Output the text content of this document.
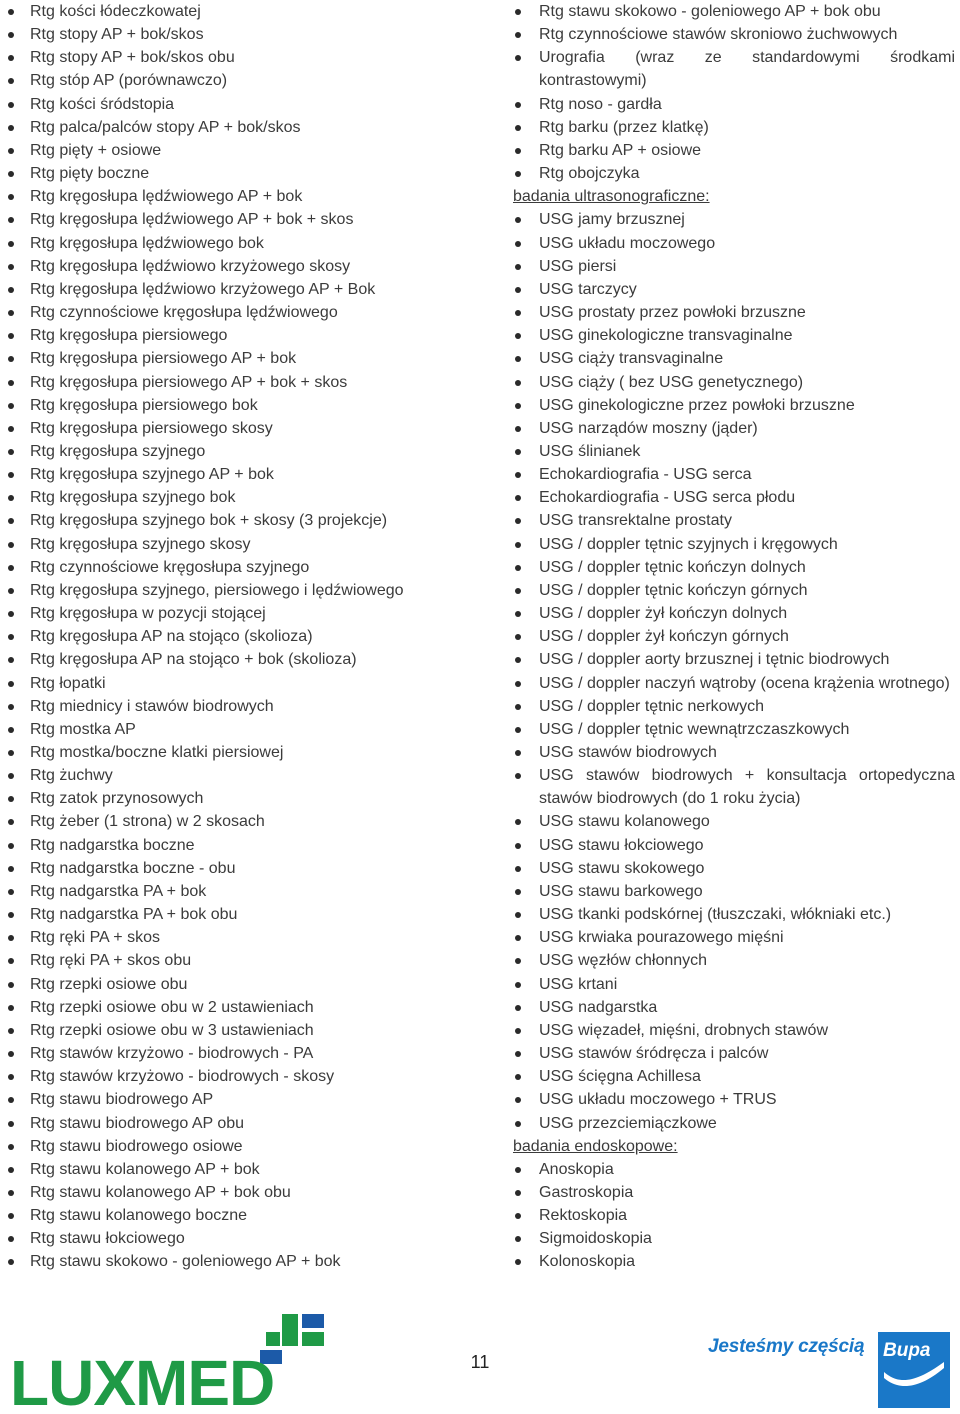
Rtg kości łódeczkowatej
Rtg stopy AP + bok/skos
Rtg stopy AP + bok/skos obu
Rtg stóp AP (porównawczo)
Rtg kości śródstopia
Rtg palca/palców stopy AP + bok/skos
Rtg pięty + osiowe
Rtg pięty boczne
Rtg kręgosłupa lędźwiowego AP + bok
Rtg kręgosłupa lędźwiowego AP + bok + skos
Rtg kręgosłupa lędźwiowego bok
Rtg kręgosłupa lędźwiowo krzyżowego skosy
Rtg kręgosłupa lędźwiowo krzyżowego AP + Bok
Rtg czynnościowe kręgosłupa lędźwiowego
Rtg kręgosłupa piersiowego
Rtg kręgosłupa piersiowego AP + bok
Rtg kręgosłupa piersiowego AP + bok + skos
Rtg kręgosłupa piersiowego bok
Rtg kręgosłupa piersiowego skosy
Rtg kręgosłupa szyjnego
Rtg kręgosłupa szyjnego AP + bok
Rtg kręgosłupa szyjnego bok
Rtg kręgosłupa szyjnego bok + skosy (3 projekcje)
Rtg kręgosłupa szyjnego skosy
Rtg czynnościowe kręgosłupa szyjnego
Rtg kręgosłupa szyjnego, piersiowego i lędźwiowego
Rtg kręgosłupa w pozycji stojącej
Rtg kręgosłupa AP na stojąco (skolioza)
Rtg kręgosłupa AP na stojąco + bok (skolioza)
Rtg łopatki
Rtg miednicy i stawów biodrowych
Rtg mostka AP
Rtg mostka/boczne klatki piersiowej
Rtg żuchwy
Rtg zatok przynosowych
Rtg żeber (1 strona) w 2 skosach
Rtg nadgarstka boczne
Rtg nadgarstka boczne - obu
Rtg nadgarstka PA + bok
Rtg nadgarstka PA + bok obu
Rtg ręki PA + skos
Rtg ręki PA + skos obu
Rtg rzepki osiowe obu
Rtg rzepki osiowe obu w 2 ustawieniach
Rtg rzepki osiowe obu w 3 ustawieniach
Rtg stawów krzyżowo - biodrowych - PA
Rtg stawów krzyżowo - biodrowych - skosy
Rtg stawu biodrowego AP
Rtg stawu biodrowego AP obu
Rtg stawu biodrowego osiowe
Rtg stawu kolanowego AP + bok
Rtg stawu kolanowego AP + bok obu
Rtg stawu kolanowego boczne
Rtg stawu łokciowego
Rtg stawu skokowo - goleniowego AP + bok
Rtg stawu skokowo - goleniowego AP + bok obu
Rtg czynnościowe stawów skroniowo żuchwowych
Urografia (wraz ze standardowymi środkami kontrastowymi)
Rtg noso - gardła
Rtg barku (przez klatkę)
Rtg barku AP + osiowe
Rtg obojczyka
badania ultrasonograficzne:
USG jamy brzusznej
USG układu moczowego
USG piersi
USG tarczycy
USG prostaty przez powłoki brzuszne
USG ginekologiczne transvaginalne
USG ciąży transvaginalne
USG ciąży ( bez USG genetycznego)
USG ginekologiczne przez powłoki brzuszne
USG narządów moszny (jąder)
USG ślinianek
Echokardiografia - USG serca
Echokardiografia - USG serca płodu
USG transrektalne prostaty
USG / doppler tętnic szyjnych i kręgowych
USG / doppler tętnic kończyn dolnych
USG / doppler tętnic kończyn górnych
USG / doppler żył kończyn dolnych
USG / doppler żył kończyn górnych
USG / doppler aorty brzusznej i tętnic biodrowych
USG / doppler naczyń wątroby (ocena krążenia wrotnego)
USG / doppler tętnic nerkowych
USG / doppler tętnic wewnątrzczaszkowych
USG stawów biodrowych
USG stawów biodrowych + konsultacja ortopedyczna stawów biodrowych (do 1 roku życia)
USG stawu kolanowego
USG stawu łokciowego
USG stawu skokowego
USG stawu barkowego
USG tkanki podskórnej (tłuszczaki, włókniaki etc.)
USG krwiaka pourazowego mięśni
USG węzłów chłonnych
USG krtani
USG nadgarstka
USG więzadeł, mięśni, drobnych stawów
USG stawów śródręcza i palców
USG ścięgna Achillesa
USG układu moczowego + TRUS
USG przezciemiączkowe
badania endoskopowe:
Anoskopia
Gastroskopia
Rektoskopia
Sigmoidoskopia
Kolonoskopia
LUXMED	11
Jesteśmy częścią Bupa
